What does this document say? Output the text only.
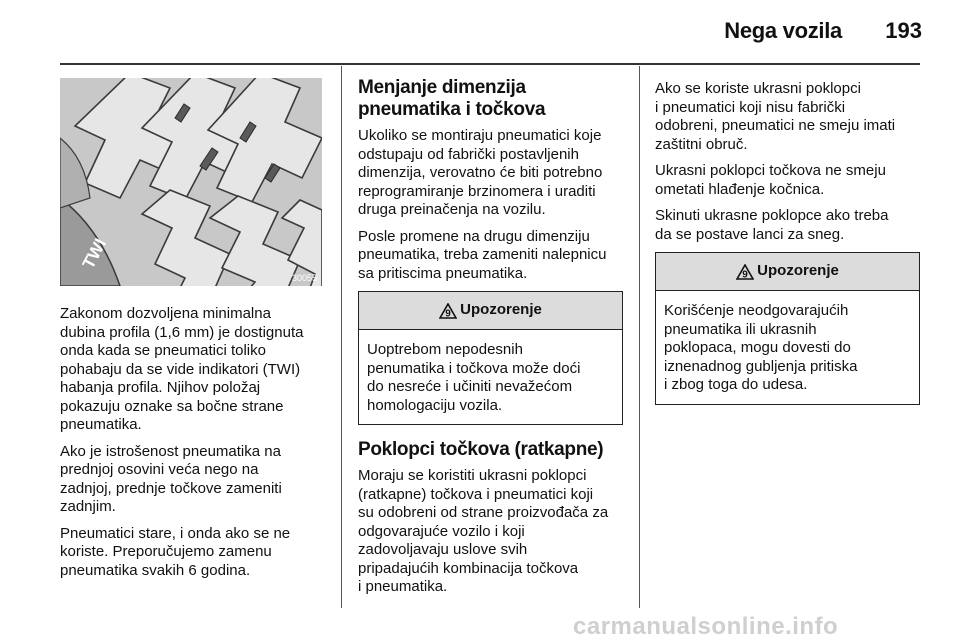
Nega vozila	193
TWI
30055

Zakonom dozvoljena minimalna
dubina profila (1,6 mm) je dostignuta
onda kada se pneumatici toliko
pohabaju da se vide indikatori (TWI)
habanja profila. Njihov položaj
pokazuju oznake sa bočne strane
pneumatika.

Ako je istrošenost pneumatika na
prednjoj osovini veća nego na
zadnjoj, prednje točkove zameniti
zadnjim.

Pneumatici stare, i onda ako se ne
koriste. Preporučujemo zamenu
pneumatika svakih 6 godina.

Menjanje dimenzija
pneumatika i točkova

Ukoliko se montiraju pneumatici koje
odstupaju od fabrički postavljenih
dimenzija, verovatno će biti potrebno
reprogramiranje brzinomera i uraditi
druga preinačenja na vozilu.

Posle promene na drugu dimenziju
pneumatika, treba zameniti nalepnicu
sa pritiscima pneumatika.

9 Upozorenje
Uoptrebom nepodesnih
penumatika i točkova može doći
do nesreće i učiniti nevažećom
homologaciju vozila.
Poklopci točkova (ratkapne)

Moraju se koristiti ukrasni poklopci
(ratkapne) točkova i pneumatici koji
su odobreni od strane proizvođača za
odgovarajuće vozilo i koji
zadovoljavaju uslove svih
pripadajućih kombinacija točkova
i pneumatika.

Ako se koriste ukrasni poklopci
i pneumatici koji nisu fabrički
odobreni, pneumatici ne smeju imati
zaštitni obruč.

Ukrasni poklopci točkova ne smeju
ometati hlađenje kočnica.

Skinuti ukrasne poklopce ako treba
da se postave lanci za sneg.

9 Upozorenje
Korišćenje neodgovarajućih
pneumatika ili ukrasnih
poklopaca, mogu dovesti do
iznenadnog gubljenja pritiska
i zbog toga do udesa.
carmanualsonline.info
